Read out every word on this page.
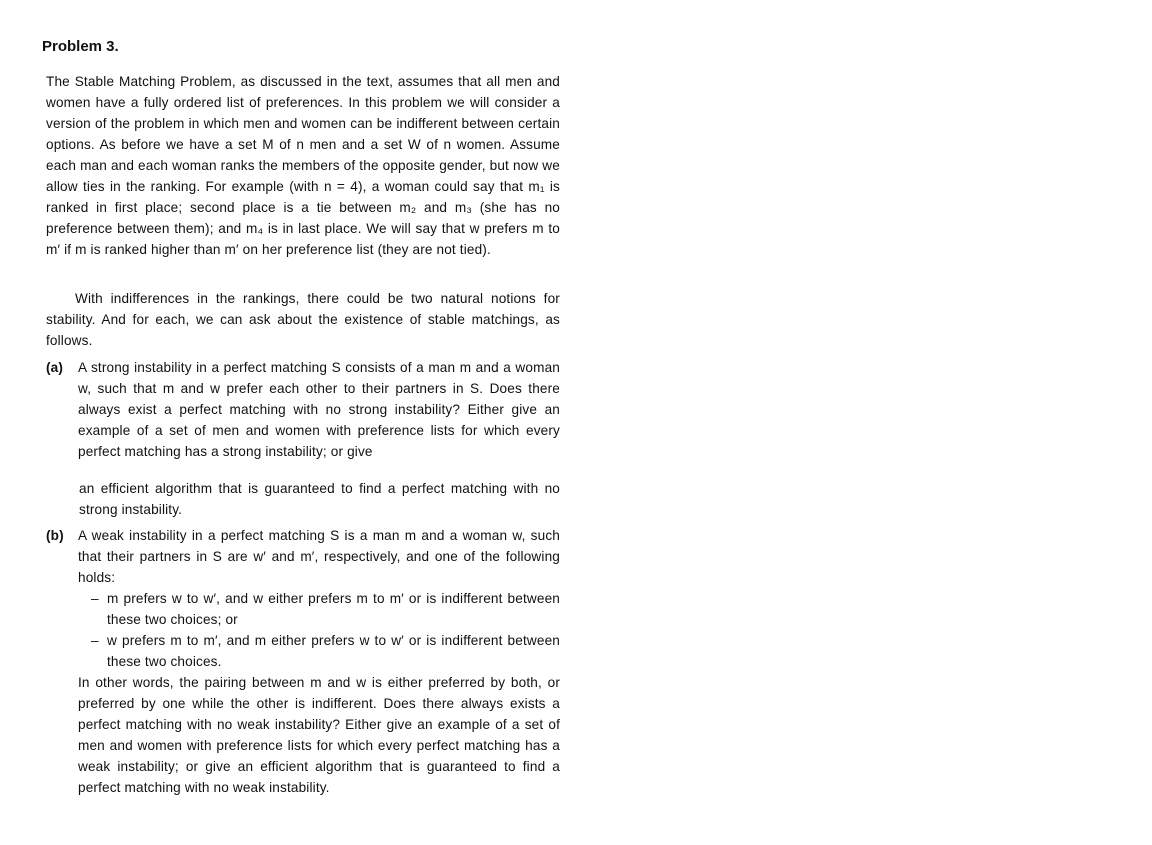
Problem 3.
The Stable Matching Problem, as discussed in the text, assumes that all men and women have a fully ordered list of preferences. In this problem we will consider a version of the problem in which men and women can be indifferent between certain options. As before we have a set M of n men and a set W of n women. Assume each man and each woman ranks the members of the opposite gender, but now we allow ties in the ranking. For example (with n = 4), a woman could say that m₁ is ranked in first place; second place is a tie between m₂ and m₃ (she has no preference between them); and m₄ is in last place. We will say that w prefers m to m′ if m is ranked higher than m′ on her preference list (they are not tied).
With indifferences in the rankings, there could be two natural notions for stability. And for each, we can ask about the existence of stable matchings, as follows.
(a) A strong instability in a perfect matching S consists of a man m and a woman w, such that m and w prefer each other to their partners in S. Does there always exist a perfect matching with no strong instability? Either give an example of a set of men and women with preference lists for which every perfect matching has a strong instability; or give
an efficient algorithm that is guaranteed to find a perfect matching with no strong instability.
(b) A weak instability in a perfect matching S is a man m and a woman w, such that their partners in S are w′ and m′, respectively, and one of the following holds:
– m prefers w to w′, and w either prefers m to m′ or is indifferent between these two choices; or
– w prefers m to m′, and m either prefers w to w′ or is indifferent between these two choices.
In other words, the pairing between m and w is either preferred by both, or preferred by one while the other is indifferent. Does there always exists a perfect matching with no weak instability? Either give an example of a set of men and women with preference lists for which every perfect matching has a weak instability; or give an efficient algorithm that is guaranteed to find a perfect matching with no weak instability.
